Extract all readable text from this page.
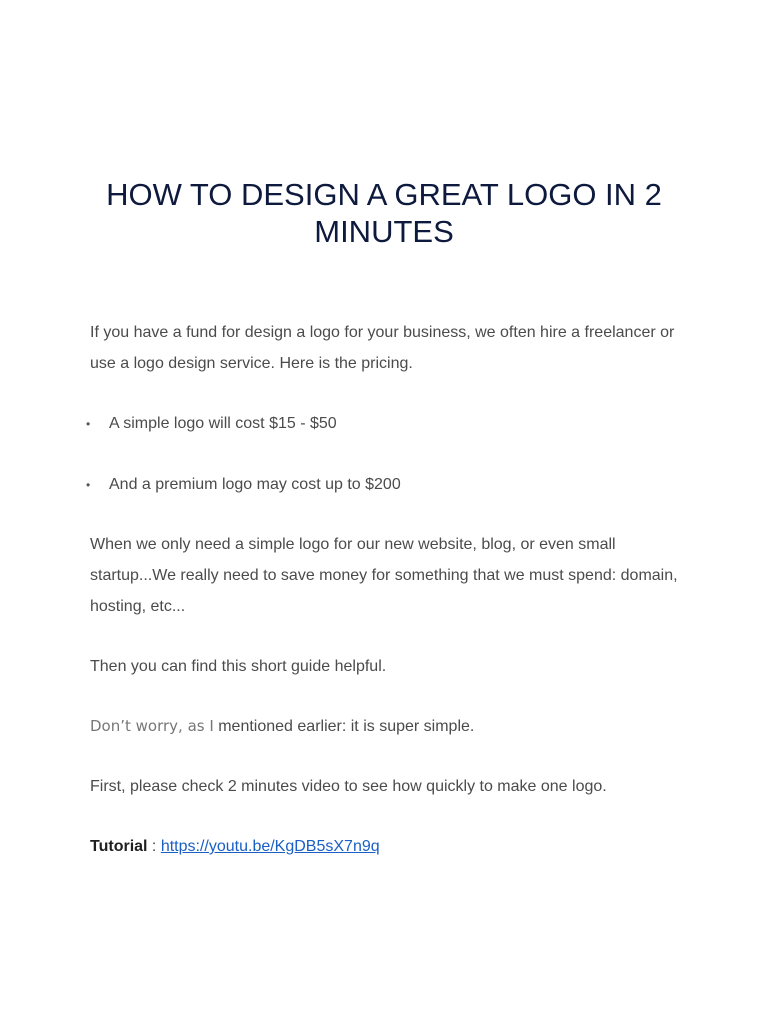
HOW TO DESIGN A GREAT LOGO IN 2 MINUTES

If you have a fund for design a logo for your business, we often hire a freelancer or use a logo design service. Here is the pricing.

• A simple logo will cost $15 - $50
• And a premium logo may cost up to $200

When we only need a simple logo for our new website, blog, or even small startup...We really need to save money for something that we must spend: domain, hosting, etc...

Then you can find this short guide helpful.

Don’t worry, as I mentioned earlier: it is super simple.

First, please check 2 minutes video to see how quickly to make one logo.

Tutorial : https://youtu.be/KgDB5sX7n9q
